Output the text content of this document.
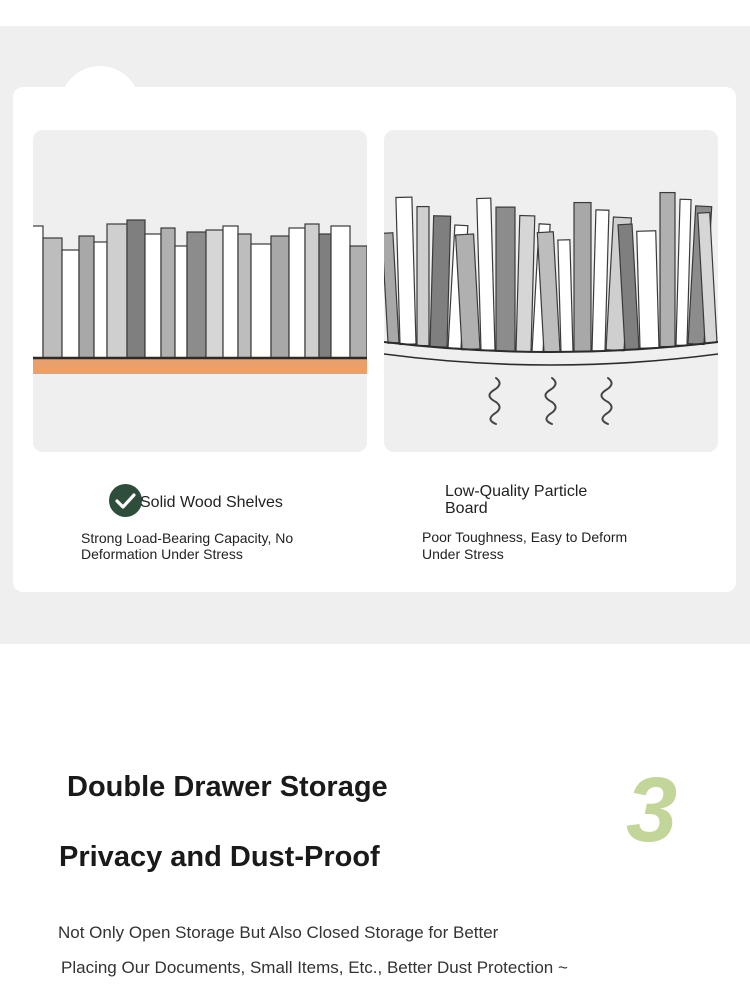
Solid Wood Shelves
Strong Load-Bearing Capacity, No
Deformation Under Stress
Low-Quality Particle
Board
Poor Toughness, Easy to Deform
Under Stress
Double Drawer Storage
Privacy and Dust-Proof	3
Not Only Open Storage But Also Closed Storage for Better
Placing Our Documents, Small Items, Etc., Better Dust Protection ~
